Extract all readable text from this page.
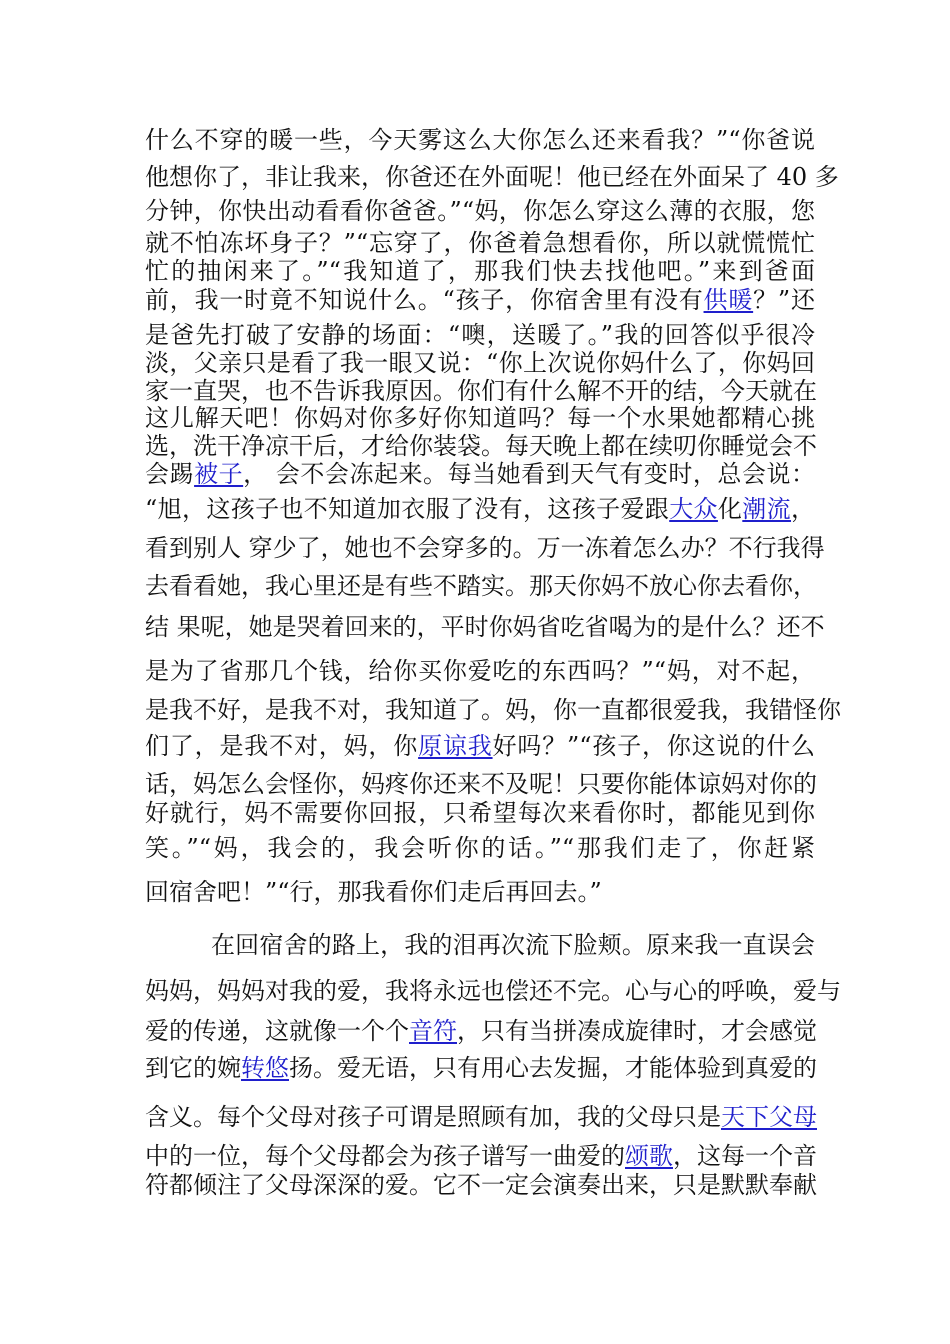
什么不穿的暖一些，今天雾这么大你怎么还来看我？”“你爸说
他想你了，非让我来，你爸还在外面呢！他已经在外面呆了 40 多
分钟，你快出动看看你爸爸。”“妈，你怎么穿这么薄的衣服，您
就不怕冻坏身子？”“忘穿了，你爸着急想看你，所以就慌慌忙
忙的抽闲来了。”“我知道了，那我们快去找他吧。”来到爸面
前，我一时竟不知说什么。“孩子，你宿舍里有没有供暖？”还
是爸先打破了安静的场面：“噢，送暖了。”我的回答似乎很冷
淡，父亲只是看了我一眼又说：“你上次说你妈什么了，你妈回
家一直哭，也不告诉我原因。你们有什么解不开的结，今天就在
这儿解天吧！你妈对你多好你知道吗？每一个水果她都精心挑
选，洗干净凉干后，才给你装袋。每天晚上都在续叨你睡觉会不
会踢被子， 会不会冻起来。每当她看到天气有变时，总会说：
“旭，这孩子也不知道加衣服了没有，这孩子爱跟大众化潮流，
看到别人 穿少了，她也不会穿多的。万一冻着怎么办？不行我得
去看看她，我心里还是有些不踏实。那天你妈不放心你去看你，
结 果呢，她是哭着回来的，平时你妈省吃省喝为的是什么？还不
是为了省那几个钱，给你买你爱吃的东西吗？”“妈，对不起，
是我不好，是我不对，我知道了。妈，你一直都很爱我，我错怪你
们了，是我不对，妈，你原谅我好吗？”“孩子，你这说的什么
话，妈怎么会怪你，妈疼你还来不及呢！只要你能体谅妈对你的
好就行，妈不需要你回报，只希望每次来看你时，都能见到你
笑。”“妈，我会的，我会听你的话。”“那我们走了，你赶紧
回宿舍吧！”“行，那我看你们走后再回去。”
在回宿舍的路上，我的泪再次流下脸颊。原来我一直误会
妈妈，妈妈对我的爱，我将永远也偿还不完。心与心的呼唤，爱与
爱的传递，这就像一个个音符，只有当拼凑成旋律时，才会感觉
到它的婉转悠扬。爱无语，只有用心去发掘，才能体验到真爱的
含义。每个父母对孩子可谓是照顾有加，我的父母只是天下父母
中的一位，每个父母都会为孩子谱写一曲爱的颂歌，这每一个音
符都倾注了父母深深的爱。它不一定会演奏出来，只是默默奉献
